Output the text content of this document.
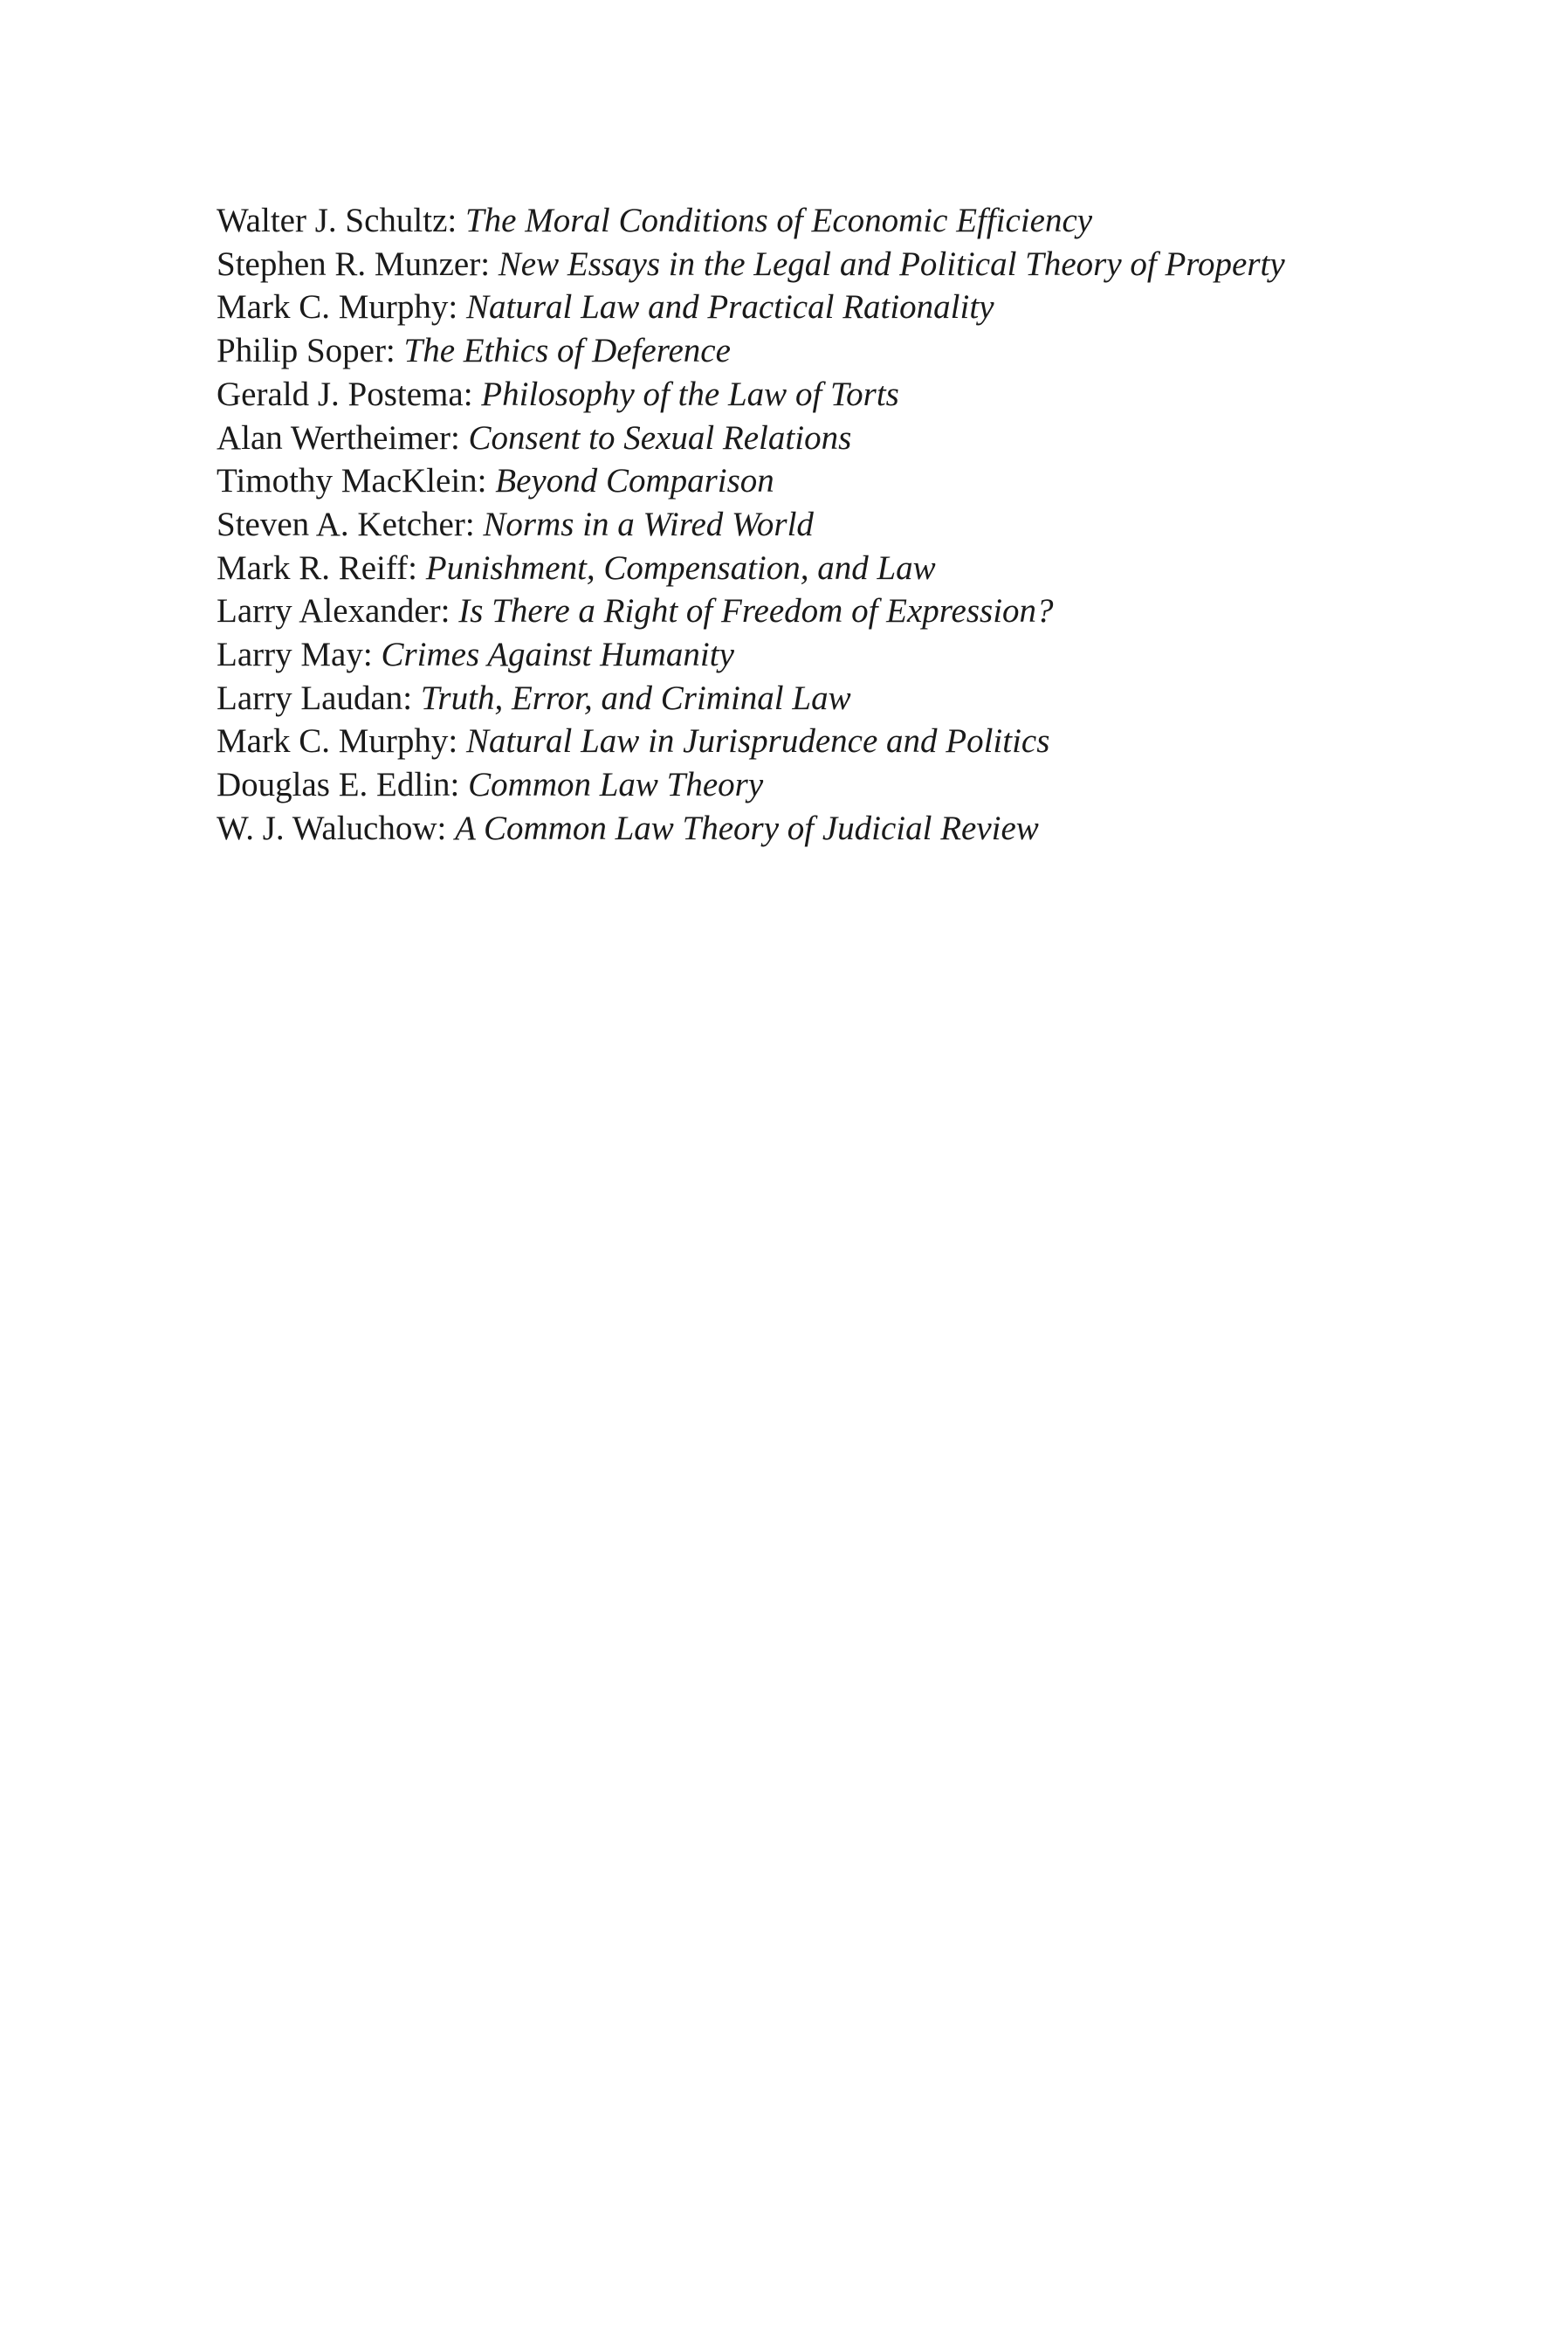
Walter J. Schultz: The Moral Conditions of Economic Efficiency
Stephen R. Munzer: New Essays in the Legal and Political Theory of Property
Mark C. Murphy: Natural Law and Practical Rationality
Philip Soper: The Ethics of Deference
Gerald J. Postema: Philosophy of the Law of Torts
Alan Wertheimer: Consent to Sexual Relations
Timothy MacKlein: Beyond Comparison
Steven A. Ketcher: Norms in a Wired World
Mark R. Reiff: Punishment, Compensation, and Law
Larry Alexander: Is There a Right of Freedom of Expression?
Larry May: Crimes Against Humanity
Larry Laudan: Truth, Error, and Criminal Law
Mark C. Murphy: Natural Law in Jurisprudence and Politics
Douglas E. Edlin: Common Law Theory
W. J. Waluchow: A Common Law Theory of Judicial Review
